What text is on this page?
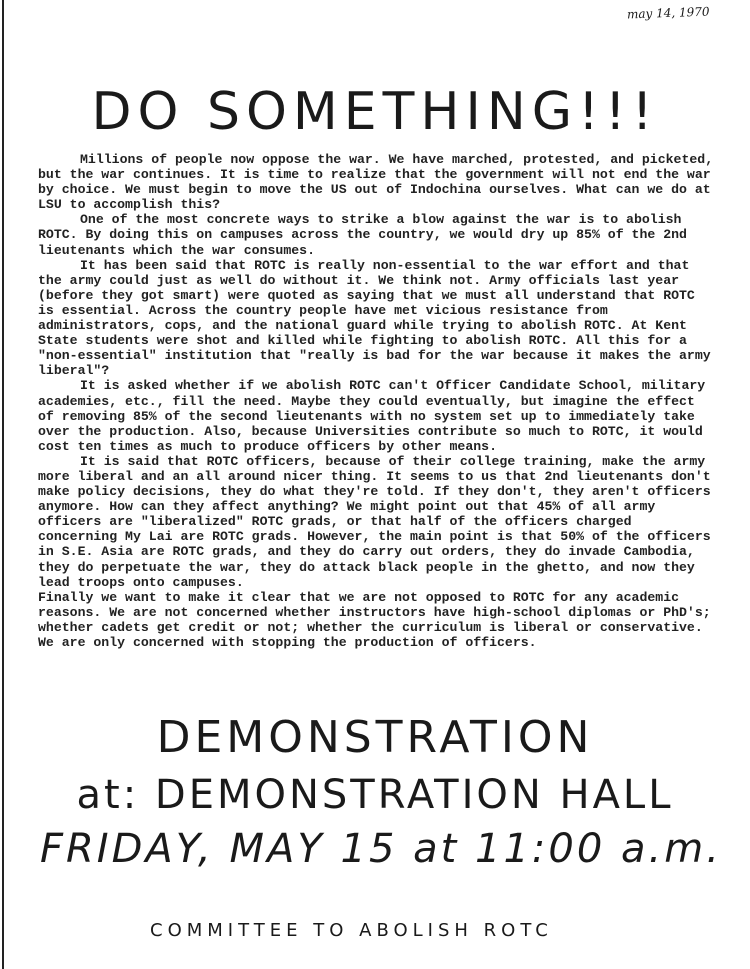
may 14, 1970
DO SOMETHING!!!

Millions of people now oppose the war. We have marched, protested, and picketed, but the war continues. It is time to realize that the government will not end the war by choice. We must begin to move the US out of Indochina ourselves. What can we do at LSU to accomplish this?

One of the most concrete ways to strike a blow against the war is to abolish ROTC. By doing this on campuses across the country, we would dry up 85% of the 2nd lieutenants which the war consumes.

It has been said that ROTC is really non-essential to the war effort and that the army could just as well do without it. We think not. Army officials last year (before they got smart) were quoted as saying that we must all understand that ROTC is essential. Across the country people have met vicious resistance from administrators, cops, and the national guard while trying to abolish ROTC. At Kent State students were shot and killed while fighting to abolish ROTC. All this for a "non-essential" institution that "really is bad for the war because it makes the army liberal"?

It is asked whether if we abolish ROTC can't Officer Candidate School, military academies, etc., fill the need. Maybe they could eventually, but imagine the effect of removing 85% of the second lieutenants with no system set up to immediately take over the production. Also, because Universities contribute so much to ROTC, it would cost ten times as much to produce officers by other means.

It is said that ROTC officers, because of their college training, make the army more liberal and an all around nicer thing. It seems to us that 2nd lieutenants don't make policy decisions, they do what they're told. If they don't, they aren't officers anymore. How can they affect anything? We might point out that 45% of all army officers are "liberalized" ROTC grads, or that half of the officers charged concerning My Lai are ROTC grads. However, the main point is that 50% of the officers in S.E. Asia are ROTC grads, and they do carry out orders, they do invade Cambodia, they do perpetuate the war, they do attack black people in the ghetto, and now they lead troops onto campuses.

Finally we want to make it clear that we are not opposed to ROTC for any academic reasons. We are not concerned whether instructors have high-school diplomas or PhD's; whether cadets get credit or not; whether the curriculum is liberal or conservative. We are only concerned with stopping the production of officers.

DEMONSTRATION
at: DEMONSTRATION HALL
FRIDAY, MAY 15 at 11:00 a.m.
COMMITTEE TO ABOLISH ROTC
